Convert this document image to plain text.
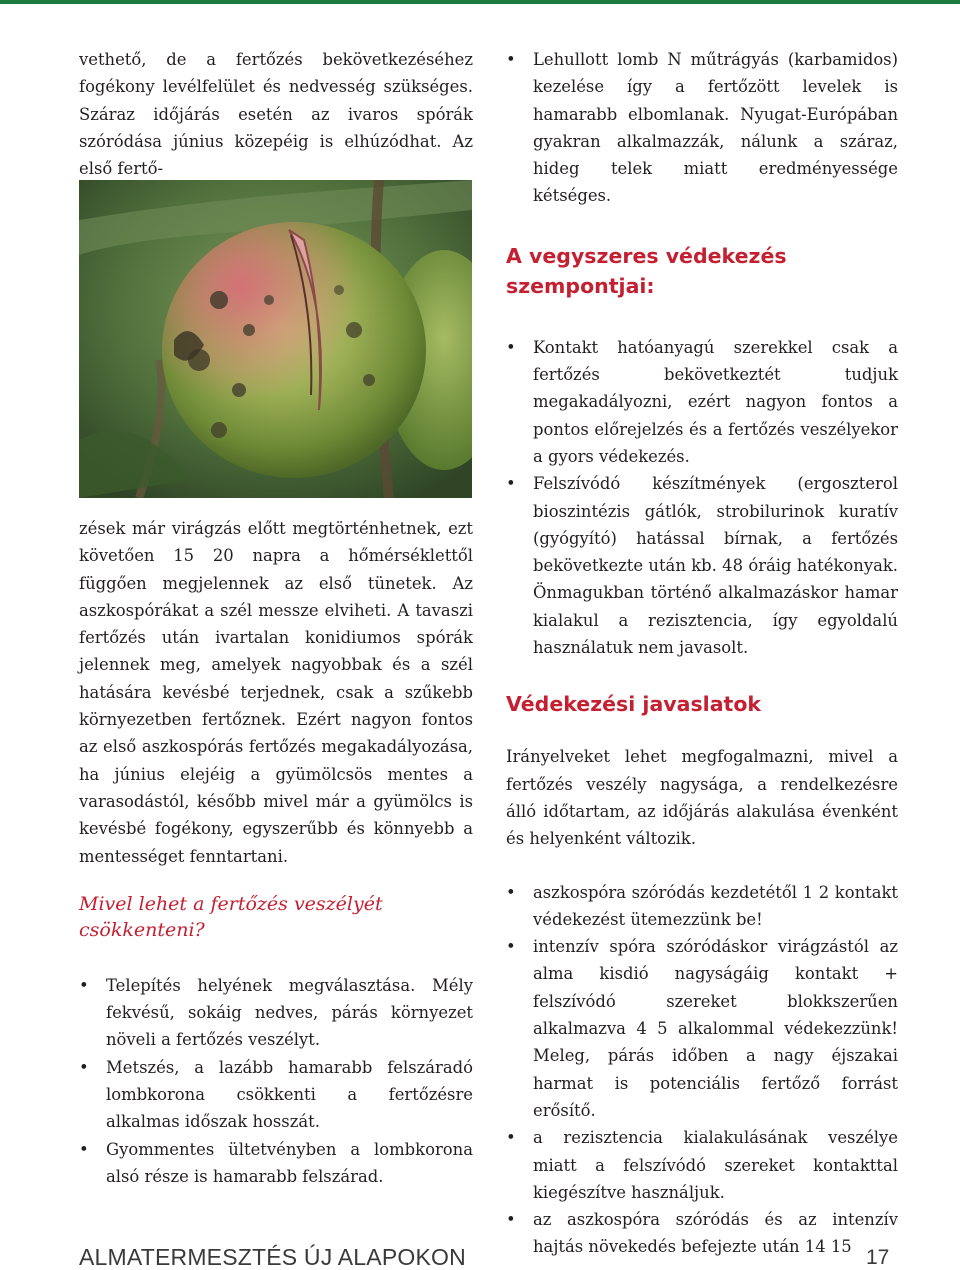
vethető, de a fertőzés bekövetkezéséhez fogékony levélfelület és nedvesség szükséges. Száraz időjárás esetén az ivaros spórák szóródása június közepéig is elhúzódhat. Az első fertő-

zések már virágzás előtt megtörténhetnek, ezt követően 15 20 napra a hőmérséklettől függően megjelennek az első tünetek. Az aszkospórákat a szél messze elviheti. A tavaszi fertőzés után ivartalan konidiumos spórák jelennek meg, amelyek nagyobbak és a szél hatására kevésbé terjednek, csak a szűkebb környezetben fertőznek. Ezért nagyon fontos az első aszkospórás fertőzés megakadályozása, ha június elejéig a gyümölcsös mentes a varasodástól, később mivel már a gyümölcs is kevésbé fogékony, egyszerűbb és könnyebb a mentességet fenntartani.

Mivel lehet a fertőzés veszélyét csökkenteni?
• Telepítés helyének megválasztása. Mély fekvésű, sokáig nedves, párás környezet növeli a fertőzés veszélyt.
• Metszés, a lazább hamarabb felszáradó lombkorona csökkenti a fertőzésre alkalmas időszak hosszát.
• Gyommentes ültetvényben a lombkorona alsó része is hamarabb felszárad.
• Lehullott lomb N műtrágyás (karbamidos) kezelése így a fertőzött levelek is hamarabb elbomlanak. Nyugat-Európában gyakran alkalmazzák, nálunk a száraz, hideg telek miatt eredményessége kétséges.
A vegyszeres védekezés szempontjai:
• Kontakt hatóanyagú szerekkel csak a fertőzés bekövetkeztét tudjuk megakadályozni, ezért nagyon fontos a pontos előrejelzés és a fertőzés veszélyekor a gyors védekezés.
• Felszívódó készítmények (ergoszterol bioszintézis gátlók, strobilurinok kuratív (gyógyító) hatással bírnak, a fertőzés bekövetkezte után kb. 48 óráig hatékonyak. Önmagukban történő alkalmazáskor hamar kialakul a rezisztencia, így egyoldalú használatuk nem javasolt.
Védekezési javaslatok

Irányelveket lehet megfogalmazni, mivel a fertőzés veszély nagysága, a rendelkezésre álló időtartam, az időjárás alakulása évenként és helyenként változik.

• aszkospóra szóródás kezdetétől 1 2 kontakt védekezést ütemezzünk be!
• intenzív spóra szóródáskor virágzástól az alma kisdió nagyságáig kontakt + felszívódó szereket blokkszerűen alkalmazva 4 5 alkalommal védekezzünk! Meleg, párás időben a nagy éjszakai harmat is potenciális fertőző forrást erősítő.
• a rezisztencia kialakulásának veszélye miatt a felszívódó szereket kontakttal kiegészítve használjuk.
• az aszkospóra szóródás és az intenzív hajtás növekedés befejezte után 14 15
ALMATERMESZTÉS ÚJ ALAPOKON	17
